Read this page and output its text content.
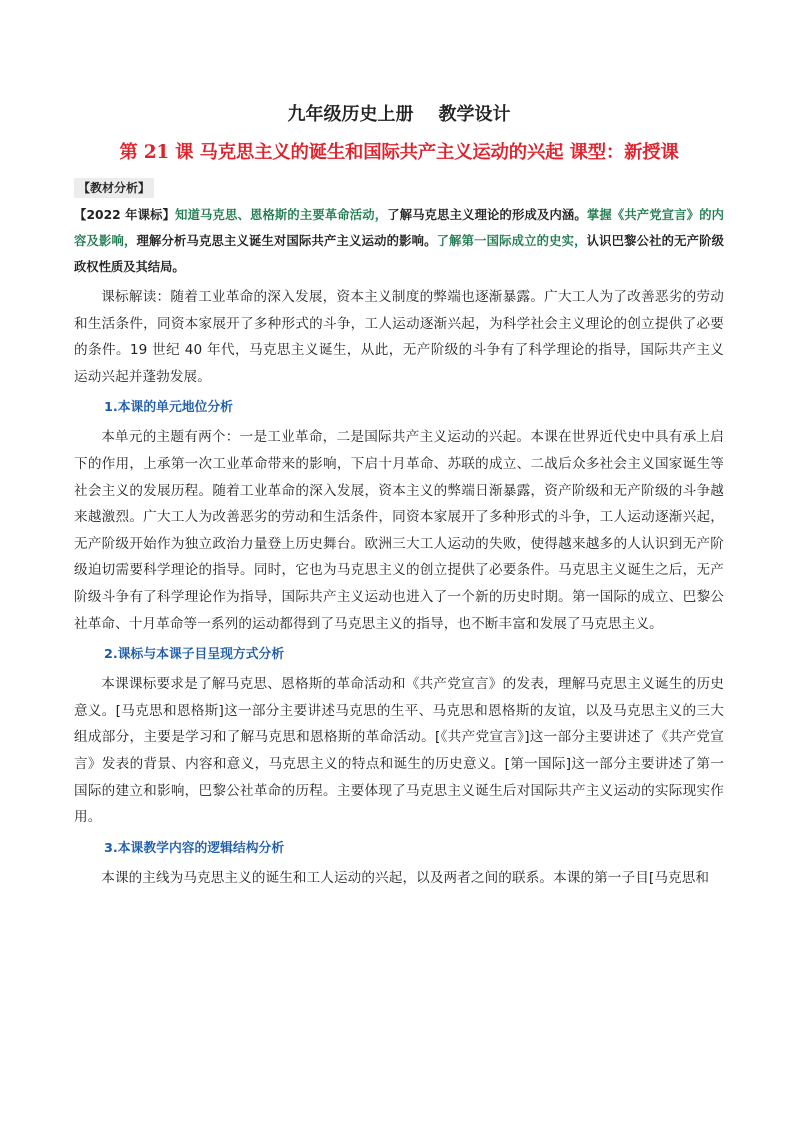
九年级历史上册    教学设计
第 21 课 马克思主义的诞生和国际共产主义运动的兴起 课型：新授课
【教材分析】

【2022 年课标】知道马克思、恩格斯的主要革命活动，了解马克思主义理论的形成及内涵。掌握《共产党宣言》的内容及影响，理解分析马克思主义诞生对国际共产主义运动的影响。了解第一国际成立的史实，认识巴黎公社的无产阶级政权性质及其结局。

课标解读：随着工业革命的深入发展，资本主义制度的弊端也逐渐暴露。广大工人为了改善恶劣的劳动和生活条件，同资本家展开了多种形式的斗争，工人运动逐渐兴起，为科学社会主义理论的创立提供了必要的条件。19 世纪 40 年代，马克思主义诞生，从此，无产阶级的斗争有了科学理论的指导，国际共产主义运动兴起并蓬勃发展。

1.本课的单元地位分析

本单元的主题有两个：一是工业革命，二是国际共产主义运动的兴起。本课在世界近代史中具有承上启下的作用，上承第一次工业革命带来的影响，下启十月革命、苏联的成立、二战后众多社会主义国家诞生等社会主义的发展历程。随着工业革命的深入发展，资本主义的弊端日渐暴露，资产阶级和无产阶级的斗争越来越激烈。广大工人为改善恶劣的劳动和生活条件，同资本家展开了多种形式的斗争，工人运动逐渐兴起，无产阶级开始作为独立政治力量登上历史舞台。欧洲三大工人运动的失败，使得越来越多的人认识到无产阶级迫切需要科学理论的指导。同时，它也为马克思主义的创立提供了必要条件。马克思主义诞生之后，无产阶级斗争有了科学理论作为指导，国际共产主义运动也进入了一个新的历史时期。第一国际的成立、巴黎公社革命、十月革命等一系列的运动都得到了马克思主义的指导，也不断丰富和发展了马克思主义。

2.课标与本课子目呈现方式分析

本课课标要求是了解马克思、恩格斯的革命活动和《共产党宣言》的发表，理解马克思主义诞生的历史意义。[马克思和恩格斯]这一部分主要讲述马克思的生平、马克思和恩格斯的友谊，以及马克思主义的三大组成部分，主要是学习和了解马克思和恩格斯的革命活动。[《共产党宣言》]这一部分主要讲述了《共产党宣言》发表的背景、内容和意义，马克思主义的特点和诞生的历史意义。[第一国际]这一部分主要讲述了第一国际的建立和影响，巴黎公社革命的历程。主要体现了马克思主义诞生后对国际共产主义运动的实际现实作用。

3.本课教学内容的逻辑结构分析

本课的主线为马克思主义的诞生和工人运动的兴起，以及两者之间的联系。本课的第一子目[马克思和
